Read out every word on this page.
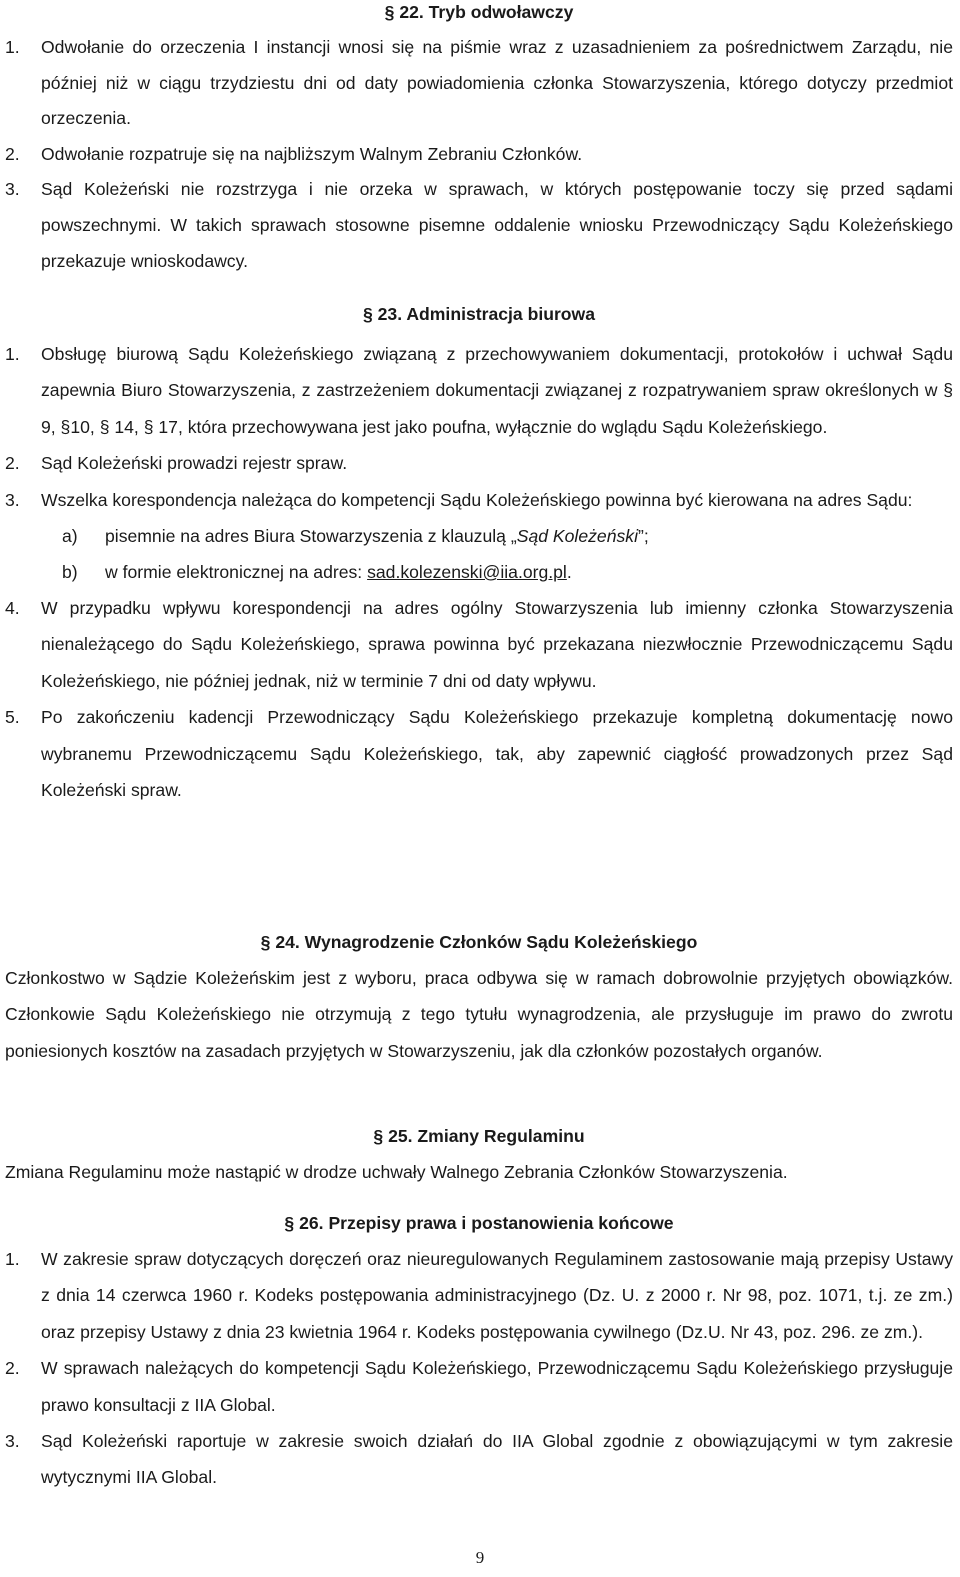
§ 22. Tryb odwoławczy
1. Odwołanie do orzeczenia I instancji wnosi się na piśmie wraz z uzasadnieniem za pośrednictwem Zarządu, nie później niż w ciągu trzydziestu dni od daty powiadomienia członka Stowarzyszenia, którego dotyczy przedmiot orzeczenia.
2. Odwołanie rozpatruje się na najbliższym Walnym Zebraniu Członków.
3. Sąd Koleżeński nie rozstrzyga i nie orzeka w sprawach, w których postępowanie toczy się przed sądami powszechnymi. W takich sprawach stosowne pisemne oddalenie wniosku Przewodniczący Sądu Koleżeńskiego przekazuje wnioskodawcy.
§ 23. Administracja biurowa
1. Obsługę biurową Sądu Koleżeńskiego związaną z przechowywaniem dokumentacji, protokołów i uchwał Sądu zapewnia Biuro Stowarzyszenia, z zastrzeżeniem dokumentacji związanej z rozpatrywaniem spraw określonych w § 9, §10, § 14, § 17, która przechowywana jest jako poufna, wyłącznie do wglądu Sądu Koleżeńskiego.
2. Sąd Koleżeński prowadzi rejestr spraw.
3. Wszelka korespondencja należąca do kompetencji Sądu Koleżeńskiego powinna być kierowana na adres Sądu:
a) pisemnie na adres Biura Stowarzyszenia z klauzulą „Sąd Koleżeński”;
b) w formie elektronicznej na adres: sad.kolezenski@iia.org.pl.
4. W przypadku wpływu korespondencji na adres ogólny Stowarzyszenia lub imienny członka Stowarzyszenia nienależącego do Sądu Koleżeńskiego, sprawa powinna być przekazana niezwłocznie Przewodniczącemu Sądu Koleżeńskiego, nie później jednak, niż w terminie 7 dni od daty wpływu.
5. Po zakończeniu kadencji Przewodniczący Sądu Koleżeńskiego przekazuje kompletną dokumentację nowo wybranemu Przewodniczącemu Sądu Koleżeńskiego, tak, aby zapewnić ciągłość prowadzonych przez Sąd Koleżeński spraw.
§ 24. Wynagrodzenie Członków Sądu Koleżeńskiego

Członkostwo w Sądzie Koleżeńskim jest z wyboru, praca odbywa się w ramach dobrowolnie przyjętych obowiązków. Członkowie Sądu Koleżeńskiego nie otrzymują z tego tytułu wynagrodzenia, ale przysługuje im prawo do zwrotu poniesionych kosztów na zasadach przyjętych w Stowarzyszeniu, jak dla członków pozostałych organów.

§ 25. Zmiany Regulaminu

Zmiana Regulaminu może nastąpić w drodze uchwały Walnego Zebrania Członków Stowarzyszenia.

§ 26. Przepisy prawa i postanowienia końcowe
1. W zakresie spraw dotyczących doręczeń oraz nieuregulowanych Regulaminem zastosowanie mają przepisy Ustawy z dnia 14 czerwca 1960 r. Kodeks postępowania administracyjnego (Dz. U. z 2000 r. Nr 98, poz. 1071, t.j. ze zm.) oraz przepisy Ustawy z dnia 23 kwietnia 1964 r. Kodeks postępowania cywilnego (Dz.U. Nr 43, poz. 296. ze zm.).
2. W sprawach należących do kompetencji Sądu Koleżeńskiego, Przewodniczącemu Sądu Koleżeńskiego przysługuje prawo konsultacji z IIA Global.
3. Sąd Koleżeński raportuje w zakresie swoich działań do IIA Global zgodnie z obowiązującymi w tym zakresie wytycznymi IIA Global.
9
